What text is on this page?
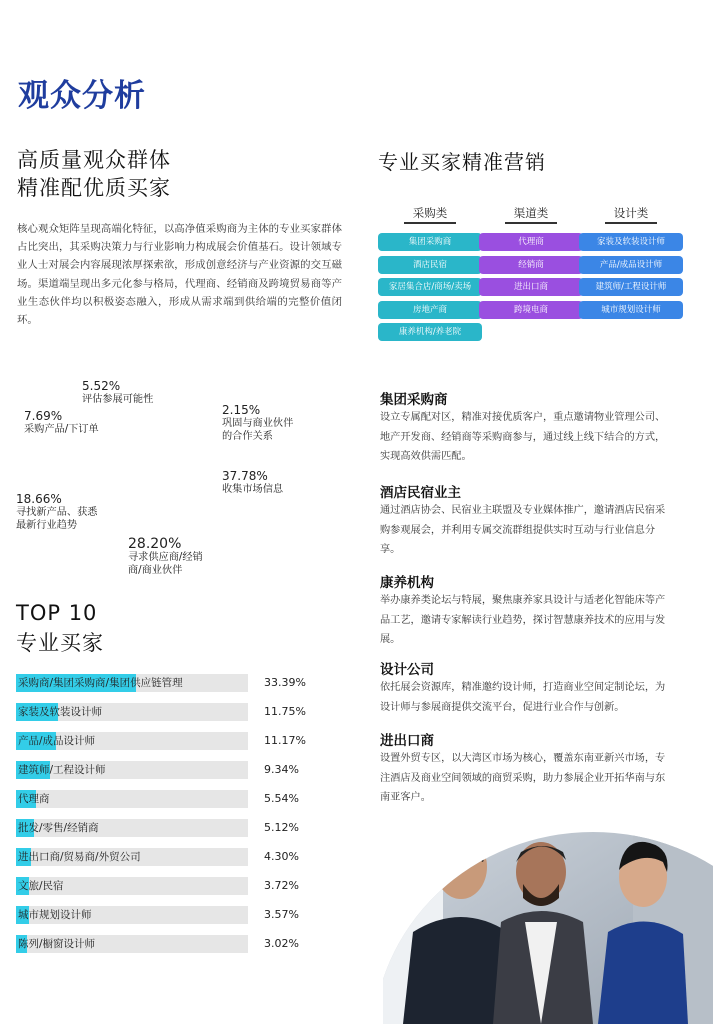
观众分析
高质量观众群体
精准配优质买家
核心观众矩阵呈现高端化特征，以高净值采购商为主体的专业买家群体占比突出，其采购决策力与行业影响力构成展会价值基石。设计领域专业人士对展会内容展现浓厚探索欲，形成创意经济与产业资源的交互磁场。渠道端呈现出多元化参与格局，代理商、经销商及跨境贸易商等产业生态伙伴均以积极姿态融入，形成从需求端到供给端的完整价值闭环。
5.52%
评估参展可能性
2.15%
巩固与商业伙伴的合作关系
7.69%
采购产品/下订单
37.78%
收集市场信息
18.66%
寻找新产品、获悉最新行业趋势
28.20%
寻求供应商/经销商/商业伙伴
TOP 10
专业买家
采购商/集团采购商/集团供应链管理	33.39%
家装及软装设计师	11.75%
产品/成品设计师	11.17%
建筑师/工程设计师	9.34%
代理商	5.54%
批发/零售/经销商	5.12%
进出口商/贸易商/外贸公司	4.30%
文旅/民宿	3.72%
城市规划设计师	3.57%
陈列/橱窗设计师	3.02%
专业买家精准营销
采购类
集团采购商
酒店民宿
家居集合店/商场/卖场
房地产商
康养机构/养老院
渠道类
代理商
经销商
进出口商
跨境电商
设计类
家装及软装设计师
产品/成品设计师
建筑师/工程设计师
城市规划设计师
集团采购商
设立专属配对区，精准对接优质客户，重点邀请物业管理公司、地产开发商、经销商等采购商参与，通过线上线下结合的方式，实现高效供需匹配。
酒店民宿业主
通过酒店协会、民宿业主联盟及专业媒体推广，邀请酒店民宿采购参观展会，并利用专属交流群组提供实时互动与行业信息分享。
康养机构
举办康养类论坛与特展，聚焦康养家具设计与适老化智能床等产品工艺，邀请专家解读行业趋势，探讨智慧康养技术的应用与发展。
设计公司
依托展会资源库，精准邀约设计师，打造商业空间定制论坛，为设计师与参展商提供交流平台，促进行业合作与创新。
进出口商
设置外贸专区，以大湾区市场为核心，覆盖东南亚新兴市场，专注酒店及商业空间领域的商贸采购，助力参展企业开拓华南与东南亚客户。
